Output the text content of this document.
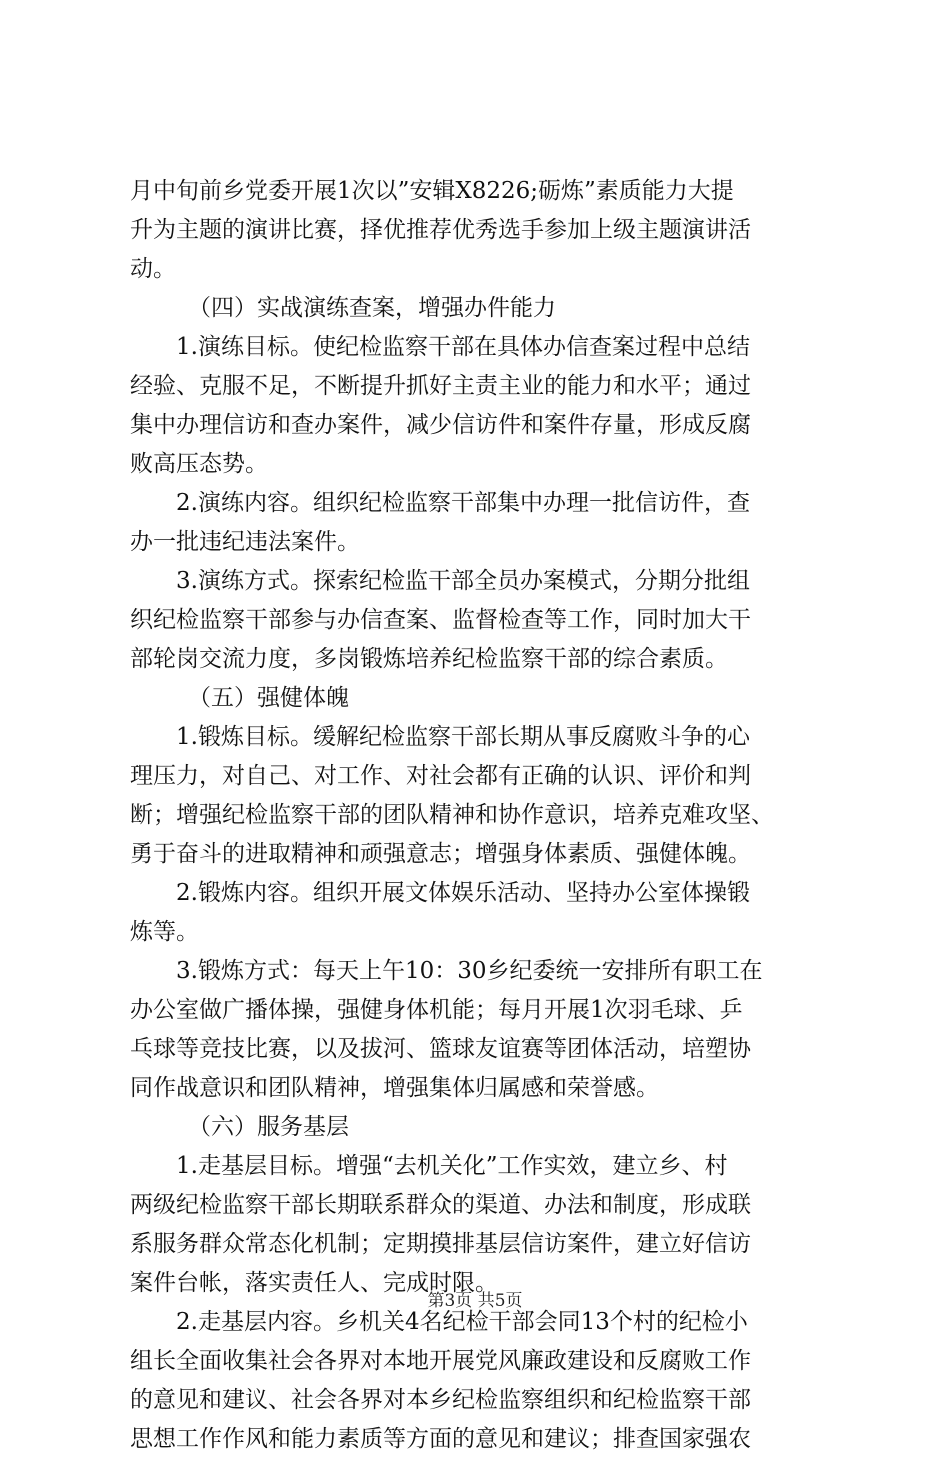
月中旬前乡党委开展1次以”安辑X8226;砺炼”素质能力大提
升为主题的演讲比赛，择优推荐优秀选手参加上级主题演讲活
动。
（四）实战演练查案，增强办件能力
1.演练目标。使纪检监察干部在具体办信查案过程中总结
经验、克服不足，不断提升抓好主责主业的能力和水平；通过
集中办理信访和查办案件，减少信访件和案件存量，形成反腐
败高压态势。
2.演练内容。组织纪检监察干部集中办理一批信访件，查
办一批违纪违法案件。
3.演练方式。探索纪检监干部全员办案模式，分期分批组
织纪检监察干部参与办信查案、监督检查等工作，同时加大干
部轮岗交流力度，多岗锻炼培养纪检监察干部的综合素质。
（五）强健体魄
1.锻炼目标。缓解纪检监察干部长期从事反腐败斗争的心
理压力，对自己、对工作、对社会都有正确的认识、评价和判
断；增强纪检监察干部的团队精神和协作意识，培养克难攻坚、
勇于奋斗的进取精神和顽强意志；增强身体素质、强健体魄。
2.锻炼内容。组织开展文体娱乐活动、坚持办公室体操锻
炼等。
3.锻炼方式：每天上午10：30乡纪委统一安排所有职工在
办公室做广播体操，强健身体机能；每月开展1次羽毛球、乒
乓球等竞技比赛，以及拔河、篮球友谊赛等团体活动，培塑协
同作战意识和团队精神，增强集体归属感和荣誉感。
（六）服务基层
1.走基层目标。增强“去机关化”工作实效，建立乡、村
两级纪检监察干部长期联系群众的渠道、办法和制度，形成联
系服务群众常态化机制；定期摸排基层信访案件，建立好信访
案件台帐，落实责任人、完成时限。
2.走基层内容。乡机关4名纪检干部会同13个村的纪检小
组长全面收集社会各界对本地开展党风廉政建设和反腐败工作
的意见和建议、社会各界对本乡纪检监察组织和纪检监察干部
思想工作作风和能力素质等方面的意见和建议；排查国家强农
第3页 共5页
